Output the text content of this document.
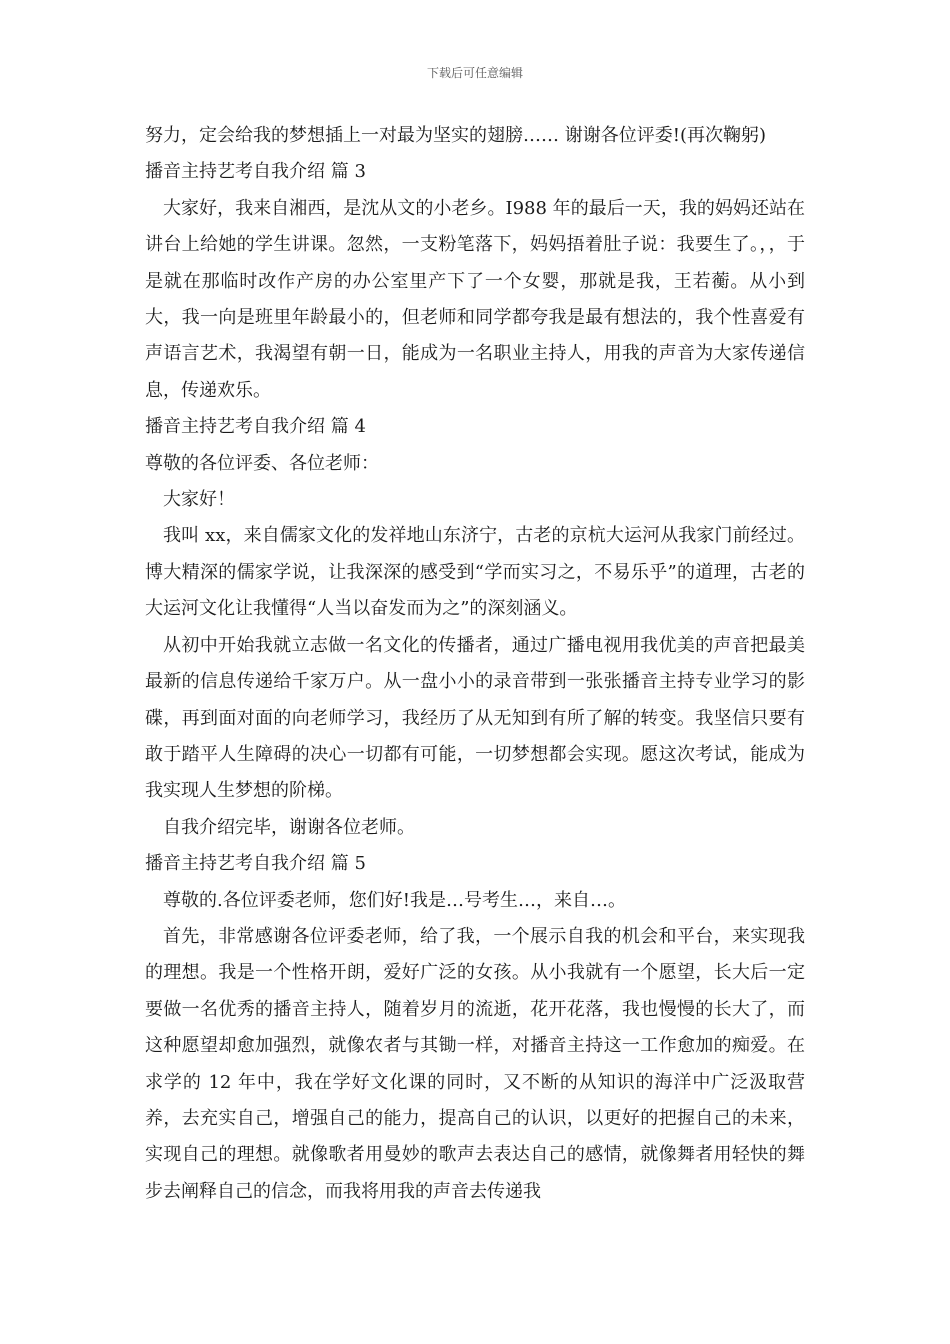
下载后可任意编辑

努力，定会给我的梦想插上一对最为坚实的翅膀…… 谢谢各位评委!(再次鞠躬)

播音主持艺考自我介绍 篇 3

大家好，我来自湘西，是沈从文的小老乡。I988 年的最后一天，我的妈妈还站在讲台上给她的学生讲课。忽然，一支粉笔落下，妈妈捂着肚子说：我要生了。，，于是就在那临时改作产房的办公室里产下了一个女婴，那就是我，王若蘅。从小到大，我一向是班里年龄最小的，但老师和同学都夸我是最有想法的，我个性喜爱有声语言艺术，我渴望有朝一日，能成为一名职业主持人，用我的声音为大家传递信息，传递欢乐。

播音主持艺考自我介绍 篇 4

尊敬的各位评委、各位老师：

大家好！

我叫 xx，来自儒家文化的发祥地山东济宁，古老的京杭大运河从我家门前经过。博大精深的儒家学说，让我深深的感受到“学而实习之，不易乐乎”的道理，古老的大运河文化让我懂得“人当以奋发而为之”的深刻涵义。

从初中开始我就立志做一名文化的传播者，通过广播电视用我优美的声音把最美最新的信息传递给千家万户。从一盘小小的录音带到一张张播音主持专业学习的影碟，再到面对面的向老师学习，我经历了从无知到有所了解的转变。我坚信只要有敢于踏平人生障碍的决心一切都有可能，一切梦想都会实现。愿这次考试，能成为我实现人生梦想的阶梯。

自我介绍完毕，谢谢各位老师。

播音主持艺考自我介绍 篇 5

尊敬的.各位评委老师，您们好!我是…号考生…，来自…。

首先，非常感谢各位评委老师，给了我，一个展示自我的机会和平台，来实现我的理想。我是一个性格开朗，爱好广泛的女孩。从小我就有一个愿望，长大后一定要做一名优秀的播音主持人，随着岁月的流逝，花开花落，我也慢慢的长大了，而这种愿望却愈加强烈，就像农者与其锄一样，对播音主持这一工作愈加的痴爱。在求学的 12 年中，我在学好文化课的同时，又不断的从知识的海洋中广泛汲取营养，去充实自己，增强自己的能力，提高自己的认识，以更好的把握自己的未来，实现自己的理想。就像歌者用曼妙的歌声去表达自己的感情，就像舞者用轻快的舞步去阐释自己的信念，而我将用我的声音去传递我
